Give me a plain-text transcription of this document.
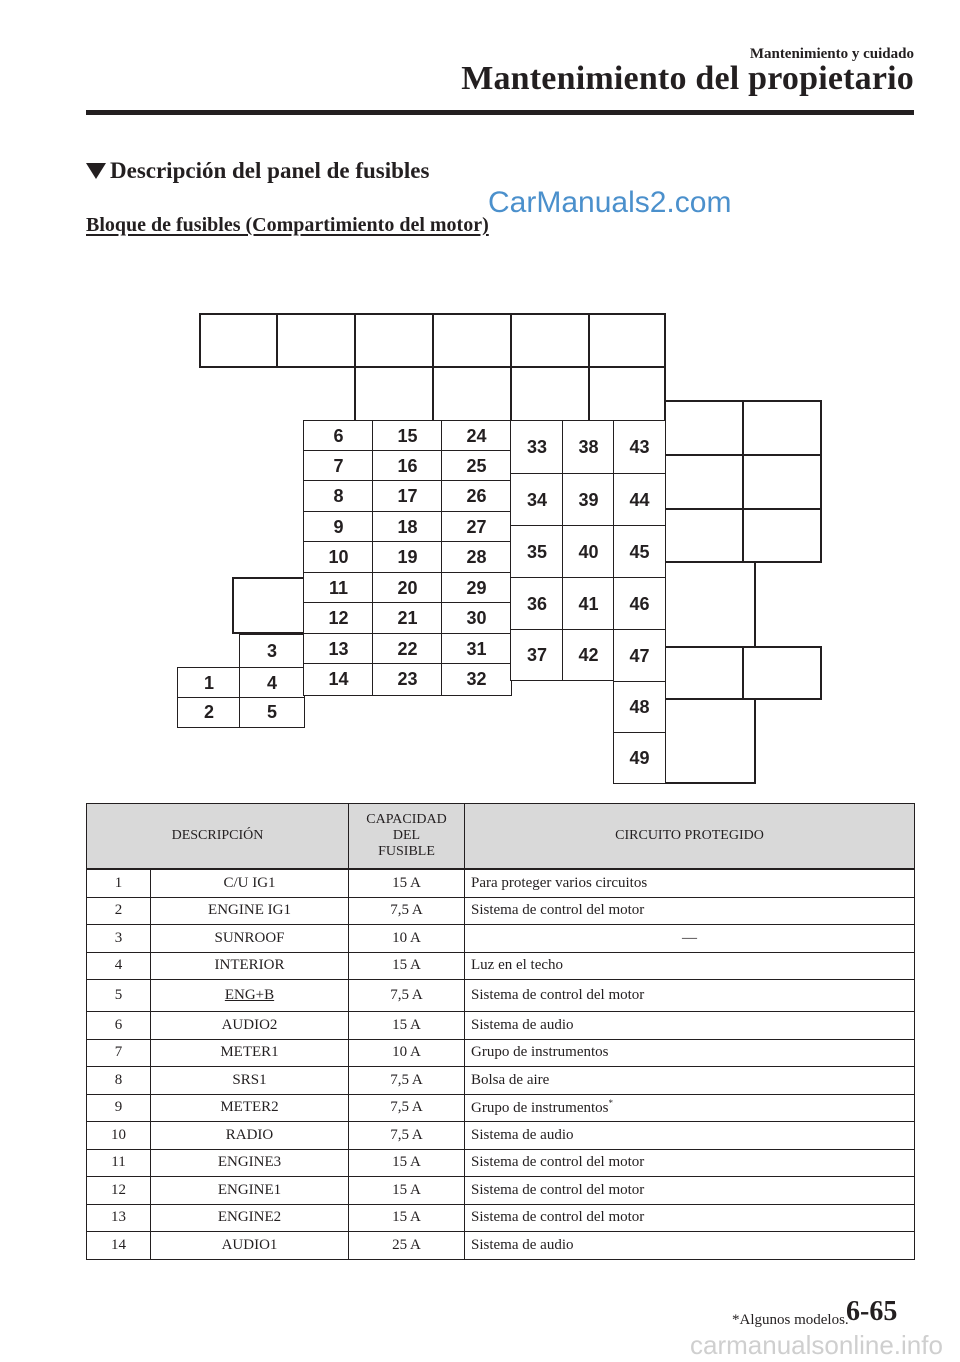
Mantenimiento y cuidado
Mantenimiento del propietario
Descripción del panel de fusibles
CarManuals2.com
Bloque de fusibles (Compartimiento del motor)
1
2
3
4
5
6
7
8
9
10
11
12
13
14
15
16
17
18
19
20
21
22
23
24
25
26
27
28
29
30
31
32
33
34
35
36
37
38
39
40
41
42
43
44
45
46
47
48
49
DESCRIPCIÓN		CAPACIDAD
DEL
FUSIBLE	CIRCUITO PROTEGIDO
1	C/U IG1	15 A	Para proteger varios circuitos
2	ENGINE IG1	7,5 A	Sistema de control del motor
3	SUNROOF	10 A	—
4	INTERIOR	15 A	Luz en el techo
5	ENG+B	7,5 A	Sistema de control del motor
6	AUDIO2	15 A	Sistema de audio
7	METER1	10 A	Grupo de instrumentos
8	SRS1	7,5 A	Bolsa de aire
9	METER2	7,5 A	Grupo de instrumentos*
10	RADIO	7,5 A	Sistema de audio
11	ENGINE3	15 A	Sistema de control del motor
12	ENGINE1	15 A	Sistema de control del motor
13	ENGINE2	15 A	Sistema de control del motor
14	AUDIO1	25 A	Sistema de audio
*Algunos modelos.
6-65
carmanualsonline.info
